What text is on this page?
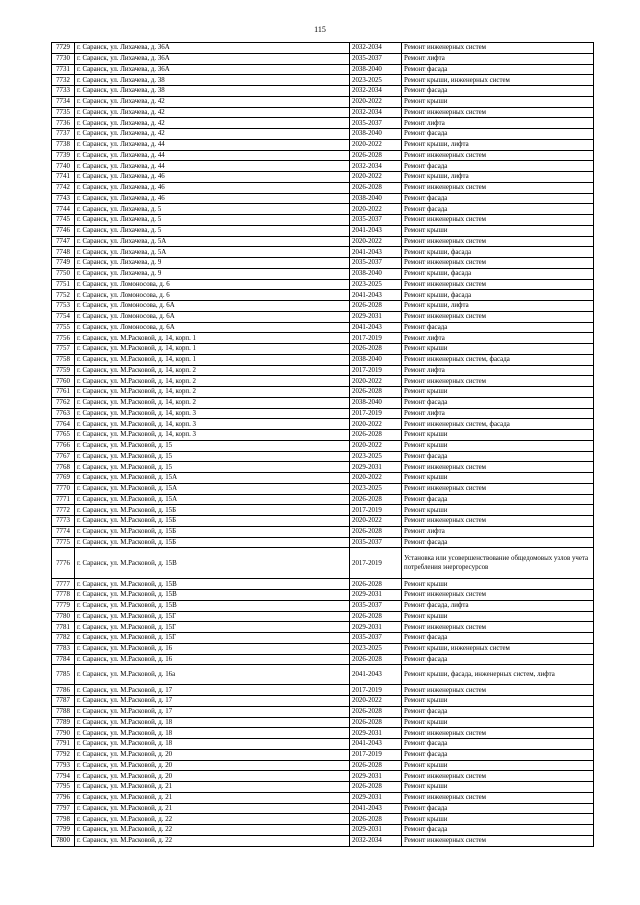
115
7729	г. Саранск, ул. Лихачева, д. 36А	2032-2034	Ремонт инженерных систем
7730	г. Саранск, ул. Лихачева, д. 36А	2035-2037	Ремонт лифта
7731	г. Саранск, ул. Лихачева, д. 36А	2038-2040	Ремонт фасада
7732	г. Саранск, ул. Лихачева, д. 38	2023-2025	Ремонт крыши, инженерных систем
7733	г. Саранск, ул. Лихачева, д. 38	2032-2034	Ремонт фасада
7734	г. Саранск, ул. Лихачева, д. 42	2020-2022	Ремонт крыши
7735	г. Саранск, ул. Лихачева, д. 42	2032-2034	Ремонт инженерных систем
7736	г. Саранск, ул. Лихачева, д. 42	2035-2037	Ремонт лифта
7737	г. Саранск, ул. Лихачева, д. 42	2038-2040	Ремонт фасада
7738	г. Саранск, ул. Лихачева, д. 44	2020-2022	Ремонт крыши, лифта
7739	г. Саранск, ул. Лихачева, д. 44	2026-2028	Ремонт инженерных систем
7740	г. Саранск, ул. Лихачева, д. 44	2032-2034	Ремонт фасада
7741	г. Саранск, ул. Лихачева, д. 46	2020-2022	Ремонт крыши, лифта
7742	г. Саранск, ул. Лихачева, д. 46	2026-2028	Ремонт инженерных систем
7743	г. Саранск, ул. Лихачева, д. 46	2038-2040	Ремонт фасада
7744	г. Саранск, ул. Лихачева, д. 5	2020-2022	Ремонт фасада
7745	г. Саранск, ул. Лихачева, д. 5	2035-2037	Ремонт инженерных систем
7746	г. Саранск, ул. Лихачева, д. 5	2041-2043	Ремонт крыши
7747	г. Саранск, ул. Лихачева, д. 5А	2020-2022	Ремонт инженерных систем
7748	г. Саранск, ул. Лихачева, д. 5А	2041-2043	Ремонт крыши, фасада
7749	г. Саранск, ул. Лихачева, д. 9	2035-2037	Ремонт инженерных систем
7750	г. Саранск, ул. Лихачева, д. 9	2038-2040	Ремонт крыши, фасада
7751	г. Саранск, ул. Ломоносова, д. 6	2023-2025	Ремонт инженерных систем
7752	г. Саранск, ул. Ломоносова, д. 6	2041-2043	Ремонт крыши, фасада
7753	г. Саранск, ул. Ломоносова, д. 6А	2026-2028	Ремонт крыши, лифта
7754	г. Саранск, ул. Ломоносова, д. 6А	2029-2031	Ремонт инженерных систем
7755	г. Саранск, ул. Ломоносова, д. 6А	2041-2043	Ремонт фасада
7756	г. Саранск, ул. М.Расковой, д. 14, корп. 1	2017-2019	Ремонт лифта
7757	г. Саранск, ул. М.Расковой, д. 14, корп. 1	2026-2028	Ремонт крыши
7758	г. Саранск, ул. М.Расковой, д. 14, корп. 1	2038-2040	Ремонт инженерных систем, фасада
7759	г. Саранск, ул. М.Расковой, д. 14, корп. 2	2017-2019	Ремонт лифта
7760	г. Саранск, ул. М.Расковой, д. 14, корп. 2	2020-2022	Ремонт инженерных систем
7761	г. Саранск, ул. М.Расковой, д. 14, корп. 2	2026-2028	Ремонт крыши
7762	г. Саранск, ул. М.Расковой, д. 14, корп. 2	2038-2040	Ремонт фасада
7763	г. Саранск, ул. М.Расковой, д. 14, корп. 3	2017-2019	Ремонт лифта
7764	г. Саранск, ул. М.Расковой, д. 14, корп. 3	2020-2022	Ремонт инженерных систем, фасада
7765	г. Саранск, ул. М.Расковой, д. 14, корп. 3	2026-2028	Ремонт крыши
7766	г. Саранск, ул. М.Расковой, д. 15	2020-2022	Ремонт крыши
7767	г. Саранск, ул. М.Расковой, д. 15	2023-2025	Ремонт фасада
7768	г. Саранск, ул. М.Расковой, д. 15	2029-2031	Ремонт инженерных систем
7769	г. Саранск, ул. М.Расковой, д. 15А	2020-2022	Ремонт крыши
7770	г. Саранск, ул. М.Расковой, д. 15А	2023-2025	Ремонт инженерных систем
7771	г. Саранск, ул. М.Расковой, д. 15А	2026-2028	Ремонт фасада
7772	г. Саранск, ул. М.Расковой, д. 15Б	2017-2019	Ремонт крыши
7773	г. Саранск, ул. М.Расковой, д. 15Б	2020-2022	Ремонт инженерных систем
7774	г. Саранск, ул. М.Расковой, д. 15Б	2026-2028	Ремонт лифта
7775	г. Саранск, ул. М.Расковой, д. 15Б	2035-2037	Ремонт фасада
7776	г. Саранск, ул. М.Расковой, д. 15В	2017-2019	Установка или усовершенствование общедомовых узлов учета потребления энергоресурсов
7777	г. Саранск, ул. М.Расковой, д. 15В	2026-2028	Ремонт крыши
7778	г. Саранск, ул. М.Расковой, д. 15В	2029-2031	Ремонт инженерных систем
7779	г. Саранск, ул. М.Расковой, д. 15В	2035-2037	Ремонт фасада, лифта
7780	г. Саранск, ул. М.Расковой, д. 15Г	2026-2028	Ремонт крыши
7781	г. Саранск, ул. М.Расковой, д. 15Г	2029-2031	Ремонт инженерных систем
7782	г. Саранск, ул. М.Расковой, д. 15Г	2035-2037	Ремонт фасада
7783	г. Саранск, ул. М.Расковой, д. 16	2023-2025	Ремонт крыши, инженерных систем
7784	г. Саранск, ул. М.Расковой, д. 16	2026-2028	Ремонт фасада
7785	г. Саранск, ул. М.Расковой, д. 16а	2041-2043	Ремонт крыши, фасада, инженерных систем, лифта
7786	г. Саранск, ул. М.Расковой, д. 17	2017-2019	Ремонт инженерных систем
7787	г. Саранск, ул. М.Расковой, д. 17	2020-2022	Ремонт крыши
7788	г. Саранск, ул. М.Расковой, д. 17	2026-2028	Ремонт фасада
7789	г. Саранск, ул. М.Расковой, д. 18	2026-2028	Ремонт крыши
7790	г. Саранск, ул. М.Расковой, д. 18	2029-2031	Ремонт инженерных систем
7791	г. Саранск, ул. М.Расковой, д. 18	2041-2043	Ремонт фасада
7792	г. Саранск, ул. М.Расковой, д. 20	2017-2019	Ремонт фасада
7793	г. Саранск, ул. М.Расковой, д. 20	2026-2028	Ремонт крыши
7794	г. Саранск, ул. М.Расковой, д. 20	2029-2031	Ремонт инженерных систем
7795	г. Саранск, ул. М.Расковой, д. 21	2026-2028	Ремонт крыши
7796	г. Саранск, ул. М.Расковой, д. 21	2029-2031	Ремонт инженерных систем
7797	г. Саранск, ул. М.Расковой, д. 21	2041-2043	Ремонт фасада
7798	г. Саранск, ул. М.Расковой, д. 22	2026-2028	Ремонт крыши
7799	г. Саранск, ул. М.Расковой, д. 22	2029-2031	Ремонт фасада
7800	г. Саранск, ул. М.Расковой, д. 22	2032-2034	Ремонт инженерных систем
